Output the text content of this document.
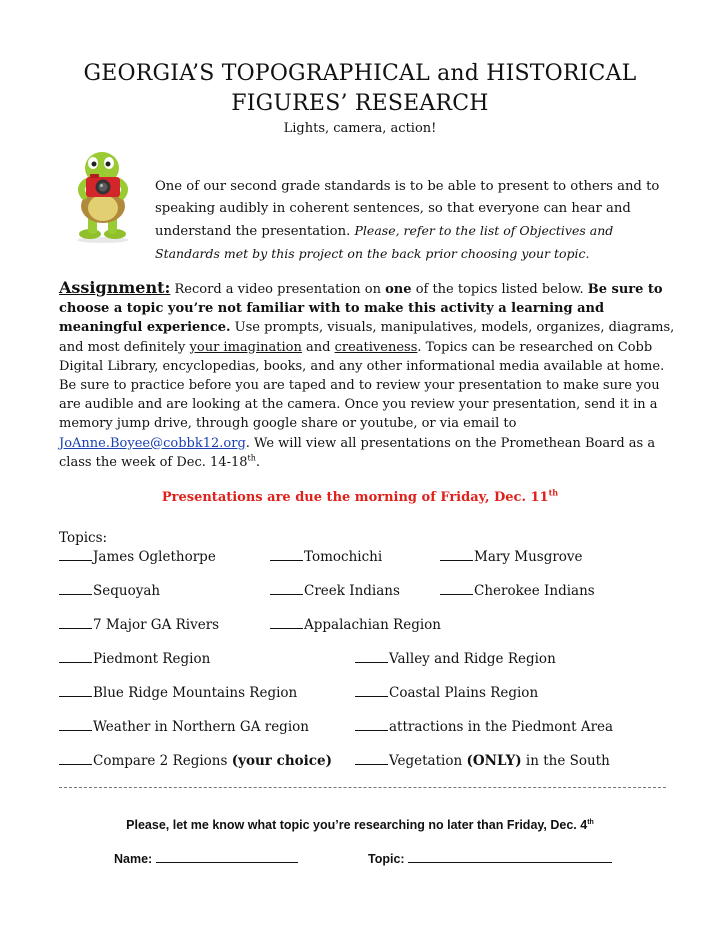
GEORGIA’S TOPOGRAPHICAL and HISTORICAL
FIGURES’ RESEARCH
Lights, camera, action!
One of our second grade standards is to be able to present to others and to speaking audibly in coherent sentences, so that everyone can hear and understand the presentation. Please, refer to the list of Objectives and Standards met by this project on the back prior choosing your topic.
Assignment: Record a video presentation on one of the topics listed below. Be sure to choose a topic you’re not familiar with to make this activity a learning and meaningful experience. Use prompts, visuals, manipulatives, models, organizes, diagrams, and most definitely your imagination and creativeness. Topics can be researched on Cobb Digital Library, encyclopedias, books, and any other informational media available at home. Be sure to practice before you are taped and to review your presentation to make sure you are audible and are looking at the camera. Once you review your presentation, send it in a memory jump drive, through google share or youtube, or via email to JoAnne.Boyee@cobbk12.org. We will view all presentations on the Promethean Board as a class the week of Dec. 14-18th.
Presentations are due the morning of Friday, Dec. 11th
Topics:
James Oglethorpe	Tomochichi	Mary Musgrove
Sequoyah	Creek Indians	Cherokee Indians
7 Major GA Rivers	Appalachian Region
Piedmont Region	Valley and Ridge Region
Blue Ridge Mountains Region	Coastal Plains Region
Weather in Northern GA region	attractions in the Piedmont Area
Compare 2 Regions (your choice)	Vegetation (ONLY) in the South
Please, let me know what topic you’re researching no later than Friday, Dec. 4th
Name:	Topic:
